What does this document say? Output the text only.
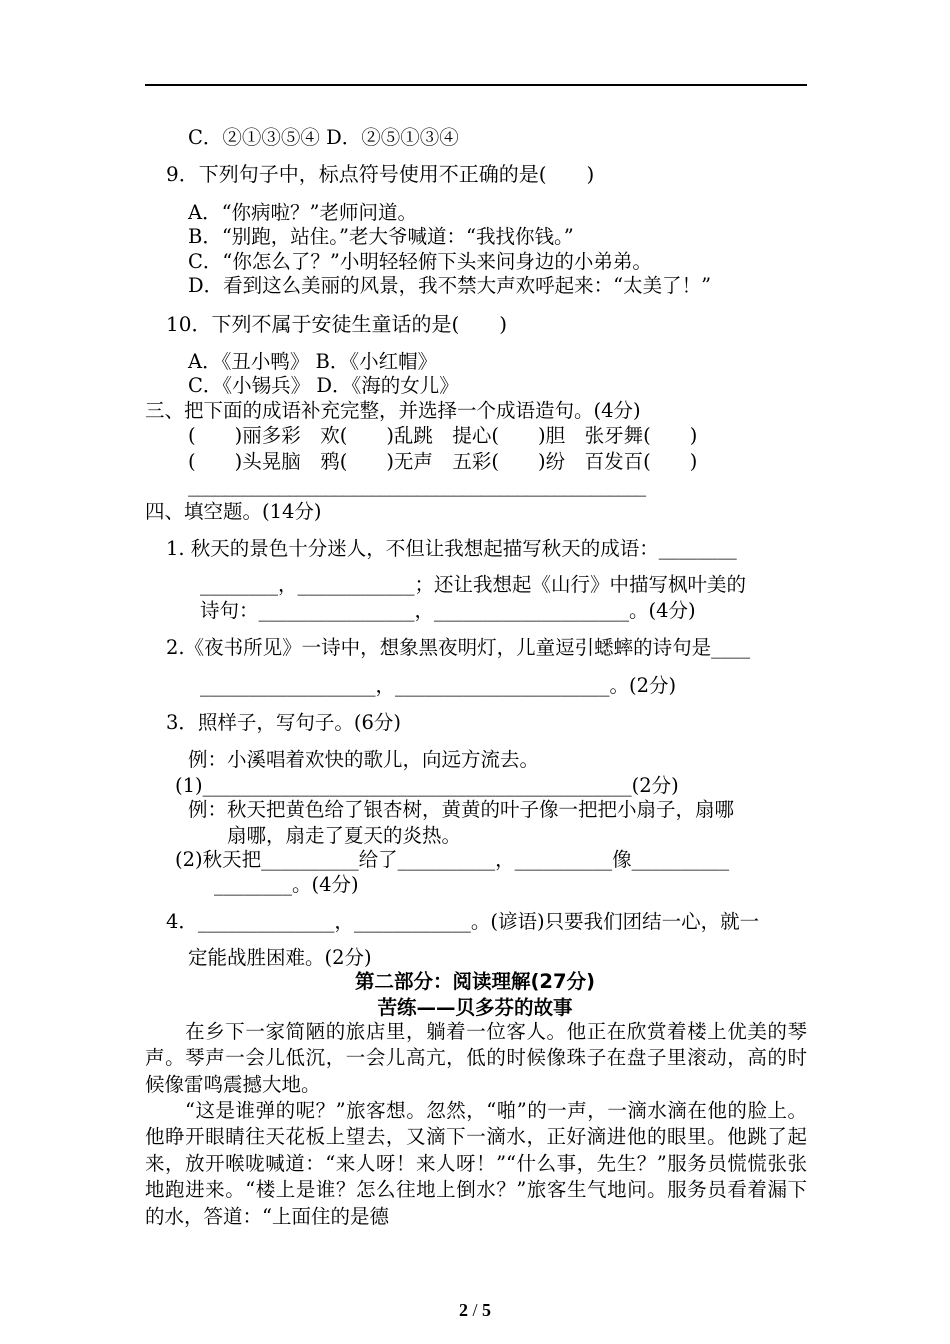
C．②①③⑤④ D．②⑤①③④
9．下列句子中，标点符号使用不正确的是(　　)
A．“你病啦？”老师问道。
B．“别跑，站住。”老大爷喊道：“我找你钱。”
C．“你怎么了？”小明轻轻俯下头来问身边的小弟弟。
D．看到这么美丽的风景，我不禁大声欢呼起来：“太美了！”
10．下列不属于安徒生童话的是(　　)
A．《丑小鸭》 B．《小红帽》
C．《小锡兵》 D．《海的女儿》
三、把下面的成语补充完整，并选择一个成语造句。(4分)
(　　)丽多彩　欢(　　)乱跳　提心(　　)胆　张牙舞(　　)
(　　)头晃脑　鸦(　　)无声　五彩(　　)纷　百发百(　　)
__________________________________________________
四、填空题。(14分)
1. 秋天的景色十分迷人，不但让我想起描写秋天的成语：________
________，____________；还让我想起《山行》中描写枫叶美的
诗句：________________，____________________。(4分)
2.《夜书所见》一诗中，想象黑夜明灯，儿童逗引蟋蟀的诗句是____
__________________，______________________。(2分)
3．照样子，写句子。(6分)
例：小溪唱着欢快的歌儿，向远方流去。
(1)____________________________________________(2分)
例：秋天把黄色给了银杏树，黄黄的叶子像一把把小扇子，扇哪
扇哪，扇走了夏天的炎热。
(2)秋天把__________给了__________，__________像__________
________。(4分)
4．______________，____________。(谚语)只要我们团结一心，就一
定能战胜困难。(2分)
第二部分：阅读理解(27分)
苦练——贝多芬的故事
　　在乡下一家简陋的旅店里，躺着一位客人。他正在欣赏着楼上优美的琴声。琴声一会儿低沉，一会儿高亢，低的时候像珠子在盘子里滚动，高的时候像雷鸣震撼大地。
　　“这是谁弹的呢？”旅客想。忽然，“啪”的一声，一滴水滴在他的脸上。他睁开眼睛往天花板上望去，又滴下一滴水，正好滴进他的眼里。他跳了起来，放开喉咙喊道：“来人呀！来人呀！”“什么事，先生？”服务员慌慌张张地跑进来。“楼上是谁？怎么往地上倒水？”旅客生气地问。服务员看着漏下的水，答道：“上面住的是德
2 / 5
